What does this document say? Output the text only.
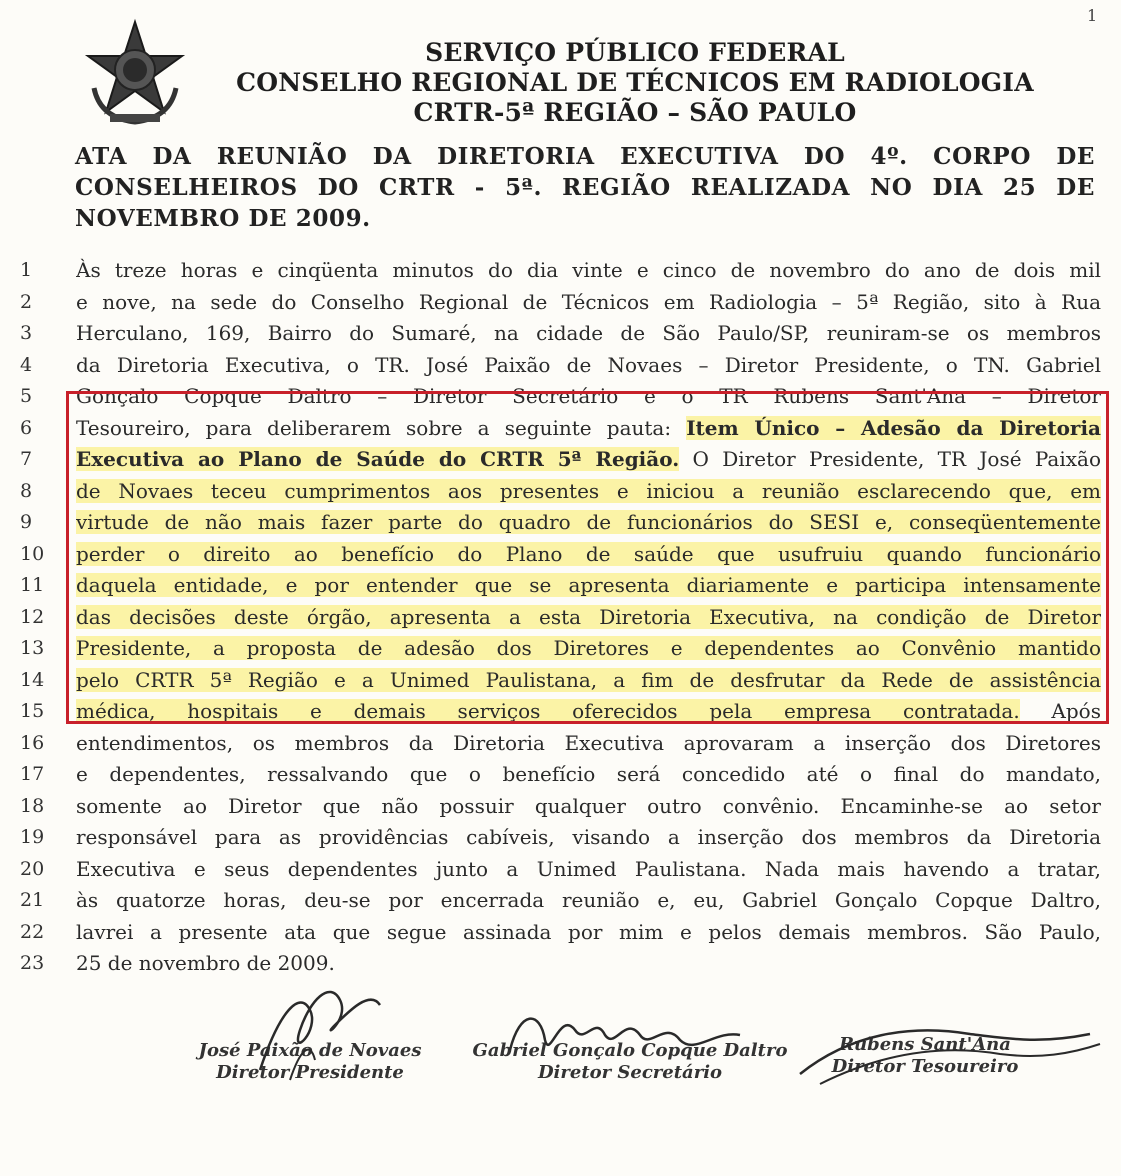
1
SERVIÇO PÚBLICO FEDERAL
CONSELHO REGIONAL DE TÉCNICOS EM RADIOLOGIA
CRTR-5ª REGIÃO – SÃO PAULO
ATA DA REUNIÃO DA DIRETORIA EXECUTIVA DO 4º. CORPO DE CONSELHEIROS DO CRTR - 5ª. REGIÃO REALIZADA NO DIA 25 DE NOVEMBRO DE 2009.
1	Às treze horas e cinqüenta minutos do dia vinte e cinco de novembro do ano de dois mil
2	e nove, na sede do Conselho Regional de Técnicos em Radiologia – 5ª Região, sito à Rua
3	Herculano, 169, Bairro do Sumaré, na cidade de São Paulo/SP, reuniram-se os membros
4	da Diretoria Executiva, o TR. José Paixão de Novaes – Diretor Presidente, o TN. Gabriel
5	Gonçalo Copque Daltro – Diretor Secretário e o TR Rubens Sant'Ana – Diretor
6	Tesoureiro, para deliberarem sobre a seguinte pauta: Item Único – Adesão da Diretoria
7	Executiva ao Plano de Saúde do CRTR 5ª Região. O Diretor Presidente, TR José Paixão
8	de Novaes teceu cumprimentos aos presentes e iniciou a reunião esclarecendo que, em
9	virtude de não mais fazer parte do quadro de funcionários do SESI e, conseqüentemente
10	perder o direito ao benefício do Plano de saúde que usufruiu quando funcionário
11	daquela entidade, e por entender que se apresenta diariamente e participa intensamente
12	das decisões deste órgão, apresenta a esta Diretoria Executiva, na condição de Diretor
13	Presidente, a proposta de adesão dos Diretores e dependentes ao Convênio mantido
14	pelo CRTR 5ª Região e a Unimed Paulistana, a fim de desfrutar da Rede de assistência
15	médica, hospitais e demais serviços oferecidos pela empresa contratada. Após
16	entendimentos, os membros da Diretoria Executiva aprovaram a inserção dos Diretores
17	e dependentes, ressalvando que o benefício será concedido até o final do mandato,
18	somente ao Diretor que não possuir qualquer outro convênio. Encaminhe-se ao setor
19	responsável para as providências cabíveis, visando a inserção dos membros da Diretoria
20	Executiva e seus dependentes junto a Unimed Paulistana. Nada mais havendo a tratar,
21	às quatorze horas, deu-se por encerrada reunião e, eu, Gabriel Gonçalo Copque Daltro,
22	lavrei a presente ata que segue assinada por mim e pelos demais membros. São Paulo,
23	25 de novembro de 2009.
José Paixão de Novaes
Diretor Presidente
Gabriel Gonçalo Copque Daltro
Diretor Secretário
Rubens Sant'Ana
Diretor Tesoureiro
